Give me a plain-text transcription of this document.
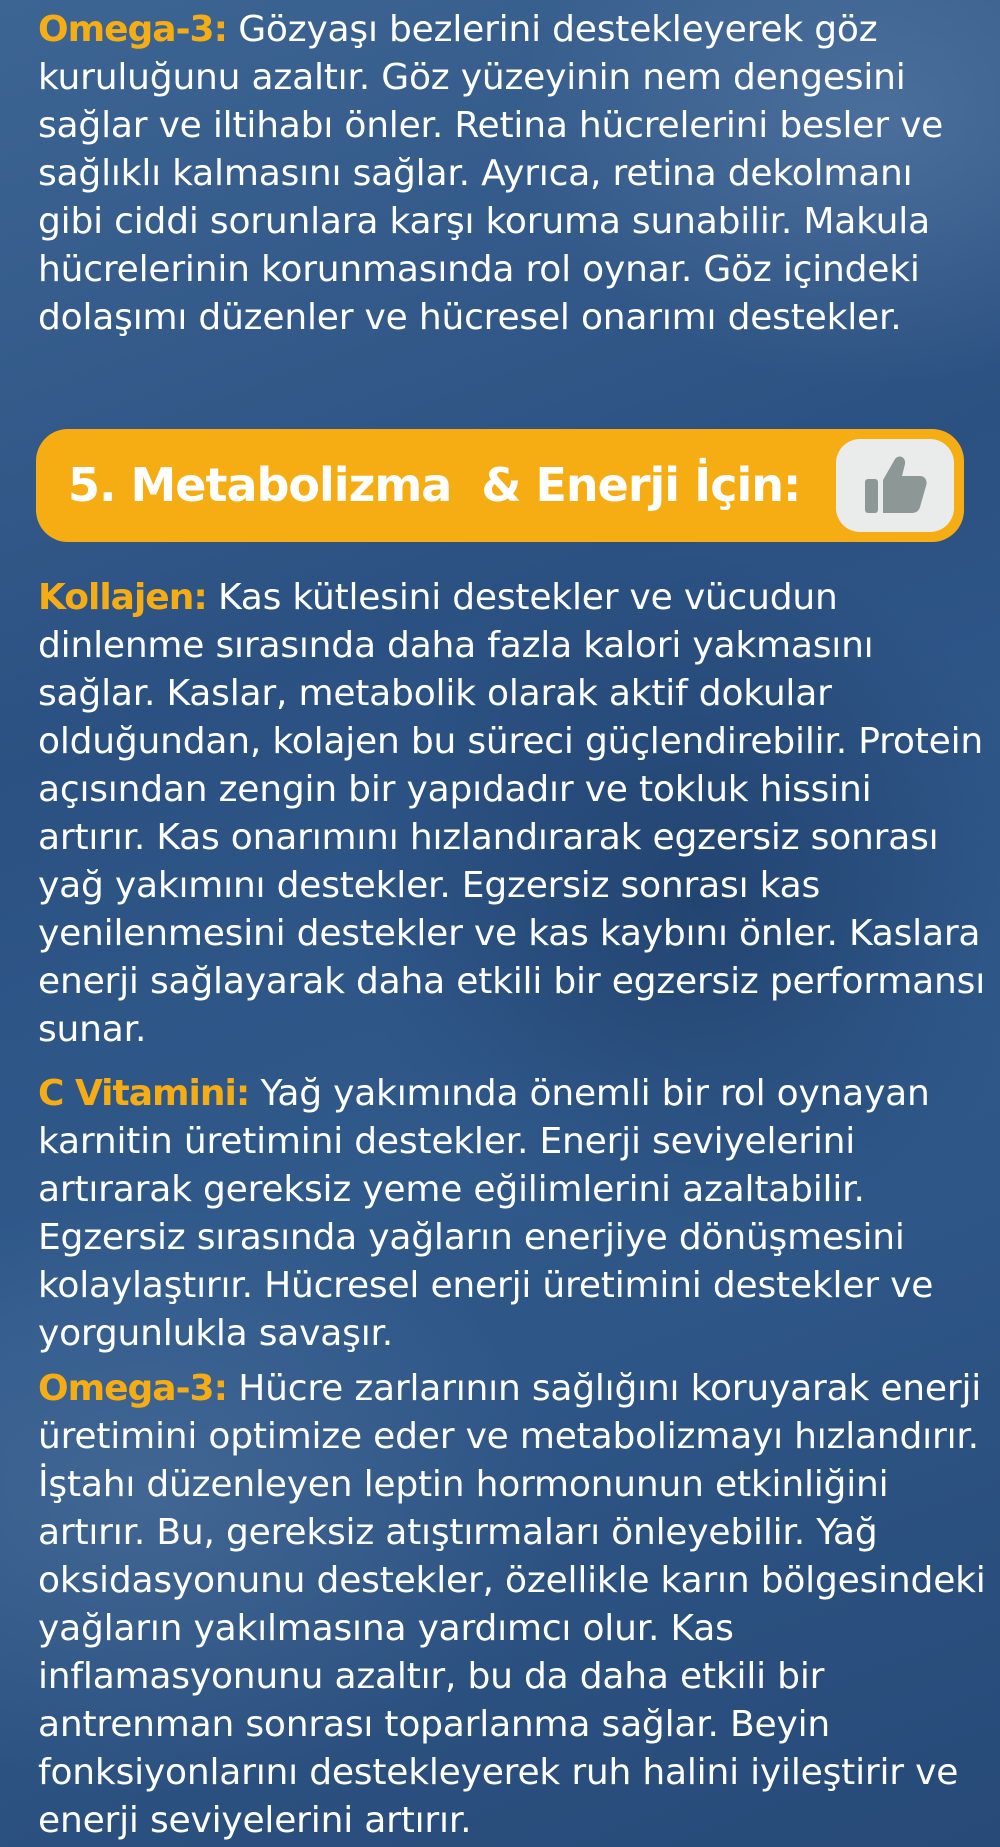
Omega-3: Gözyaşı bezlerini destekleyerek göz kuruluğunu azaltır. Göz yüzeyinin nem dengesini sağlar ve iltihabı önler. Retina hücrelerini besler ve sağlıklı kalmasını sağlar. Ayrıca, retina dekolmanı gibi ciddi sorunlara karşı koruma sunabilir. Makula hücrelerinin korunmasında rol oynar. Göz içindeki dolaşımı düzenler ve hücresel onarımı destekler.

5. Metabolizma  & Enerji İçin:

Kollajen: Kas kütlesini destekler ve vücudun dinlenme sırasında daha fazla kalori yakmasını sağlar. Kaslar, metabolik olarak aktif dokular olduğundan, kolajen bu süreci güçlendirebilir. Protein açısından zengin bir yapıdadır ve tokluk hissini artırır. Kas onarımını hızlandırarak egzersiz sonrası yağ yakımını destekler. Egzersiz sonrası kas yenilenmesini destekler ve kas kaybını önler. Kaslara enerji sağlayarak daha etkili bir egzersiz performansı sunar.

C Vitamini: Yağ yakımında önemli bir rol oynayan karnitin üretimini destekler. Enerji seviyelerini artırarak gereksiz yeme eğilimlerini azaltabilir. Egzersiz sırasında yağların enerjiye dönüşmesini kolaylaştırır. Hücresel enerji üretimini destekler ve yorgunlukla savaşır.

Omega-3: Hücre zarlarının sağlığını koruyarak enerji üretimini optimize eder ve metabolizmayı hızlandırır. İştahı düzenleyen leptin hormonunun etkinliğini artırır. Bu, gereksiz atıştırmaları önleyebilir. Yağ oksidasyonunu destekler, özellikle karın bölgesindeki yağların yakılmasına yardımcı olur. Kas inflamasyonunu azaltır, bu da daha etkili bir antrenman sonrası toparlanma sağlar. Beyin fonksiyonlarını destekleyerek ruh halini iyileştirir ve enerji seviyelerini artırır.
